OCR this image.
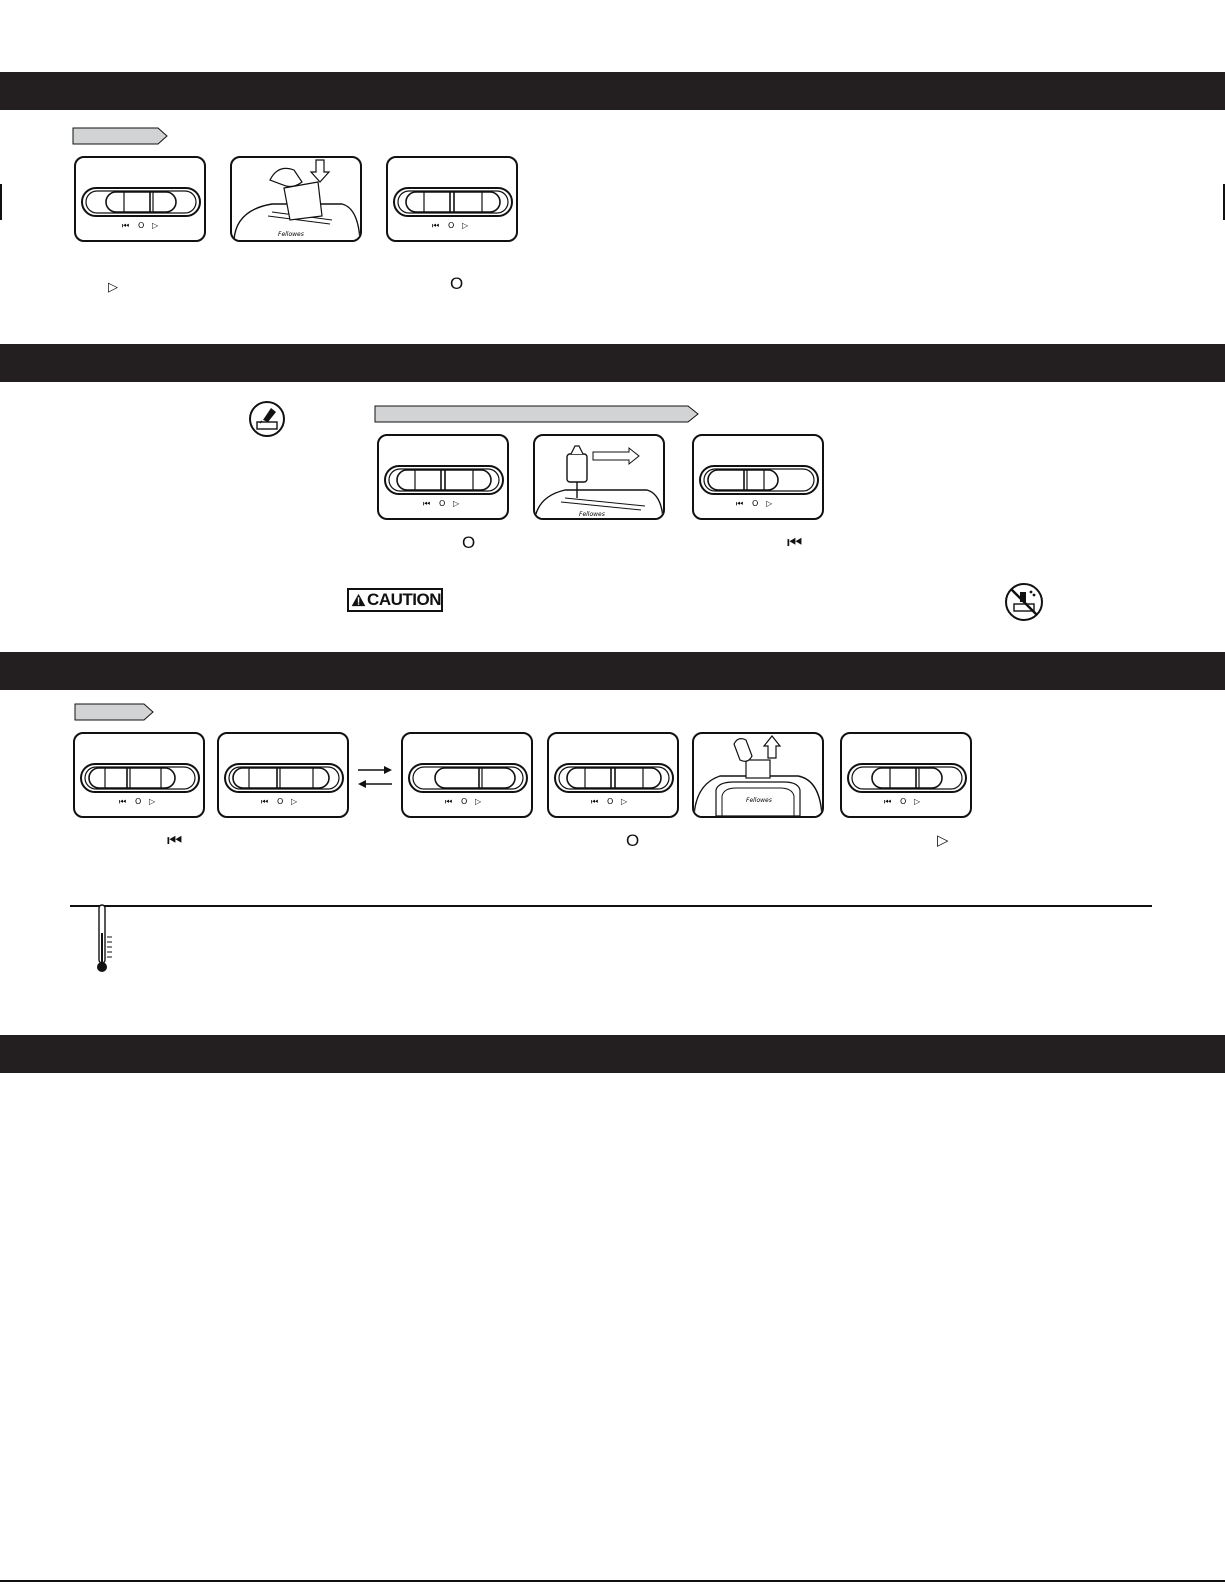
⏮ O ▷
Fellowes
⏮ O ▷
▷	O
⏮ O ▷
Fellowes
⏮ O ▷
O	⏮
CAUTION
⏮ O ▷	⏮ O ▷	⏮ O ▷	⏮ O ▷	Fellowes	⏮ O ▷
⏮	O	▷
